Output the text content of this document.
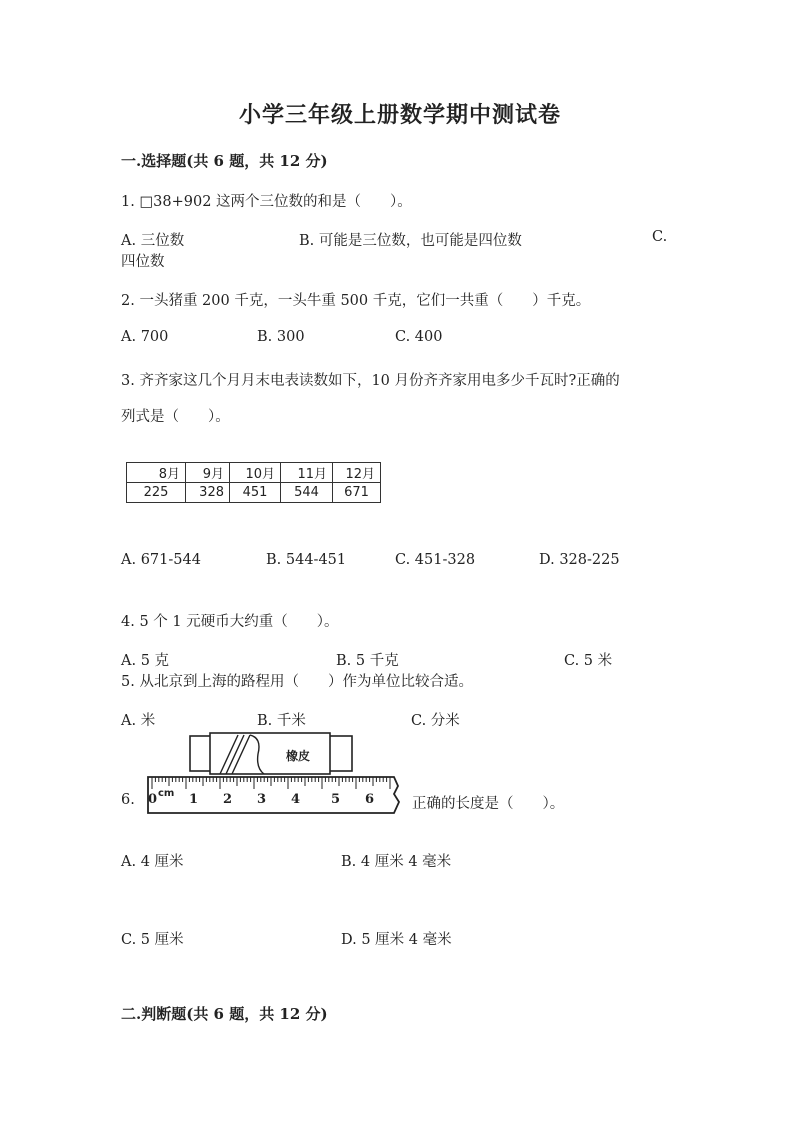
小学三年级上册数学期中测试卷
一.选择题(共 6 题，共 12 分)
1. □38+902 这两个三位数的和是（　　）。
A. 三位数	B. 可能是三位数，也可能是四位数	C.
四位数
2. 一头猪重 200 千克，一头牛重 500 千克，它们一共重（　　）千克。
A. 700	B. 300	C. 400
3. 齐齐家这几个月月末电表读数如下，10 月份齐齐家用电多少千瓦时?正确的
列式是（　　）。
8月	9月	10月	11月	12月
225	328	451	544	671
A. 671-544	B. 544-451	C. 451-328	D. 328-225
4. 5 个 1 元硬币大约重（　　）。
A. 5 克	B. 5 千克	C. 5 米
5. 从北京到上海的路程用（　　）作为单位比较合适。
A. 米	B. 千米	C. 分米
6.
橡皮
0 cm 1 2 3 4 5 6	正确的长度是（　　）。
A. 4 厘米	B. 4 厘米 4 毫米
C. 5 厘米	D. 5 厘米 4 毫米
二.判断题(共 6 题，共 12 分)
